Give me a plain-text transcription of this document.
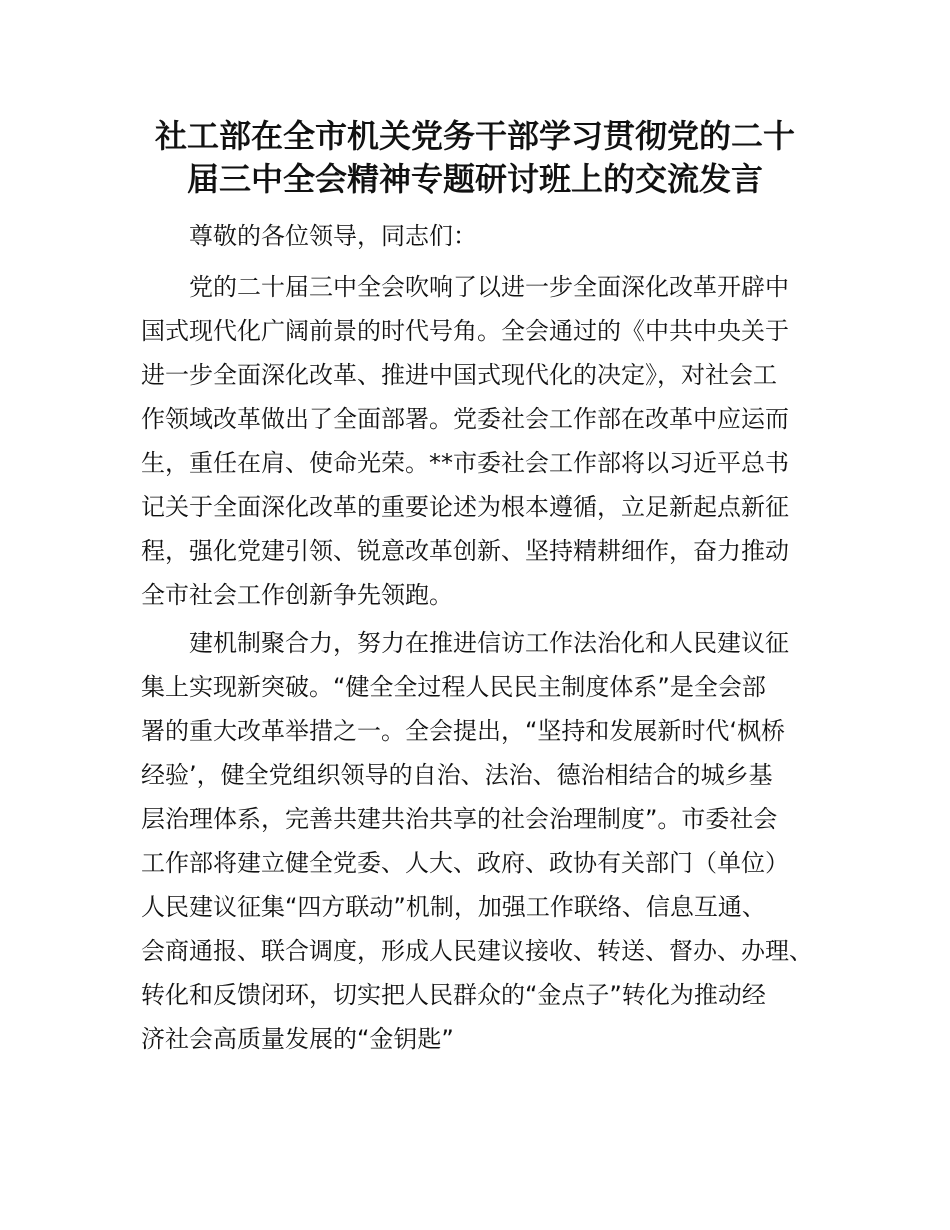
社工部在全市机关党务干部学习贯彻党的二十
届三中全会精神专题研讨班上的交流发言

尊敬的各位领导，同志们：

党的二十届三中全会吹响了以进一步全面深化改革开辟中

国式现代化广阔前景的时代号角。全会通过的《中共中央关于

进一步全面深化改革、推进中国式现代化的决定》，对社会工

作领域改革做出了全面部署。党委社会工作部在改革中应运而

生，重任在肩、使命光荣。**市委社会工作部将以习近平总书

记关于全面深化改革的重要论述为根本遵循，立足新起点新征

程，强化党建引领、锐意改革创新、坚持精耕细作，奋力推动

全市社会工作创新争先领跑。

建机制聚合力，努力在推进信访工作法治化和人民建议征

集上实现新突破。“健全全过程人民民主制度体系”是全会部

署的重大改革举措之一。全会提出，“坚持和发展新时代‘枫桥

经验’，健全党组织领导的自治、法治、德治相结合的城乡基

层治理体系，完善共建共治共享的社会治理制度”。市委社会

工作部将建立健全党委、人大、政府、政协有关部门（单位）

人民建议征集“四方联动”机制，加强工作联络、信息互通、

会商通报、联合调度，形成人民建议接收、转送、督办、办理、

转化和反馈闭环，切实把人民群众的“金点子”转化为推动经

济社会高质量发展的“金钥匙”
